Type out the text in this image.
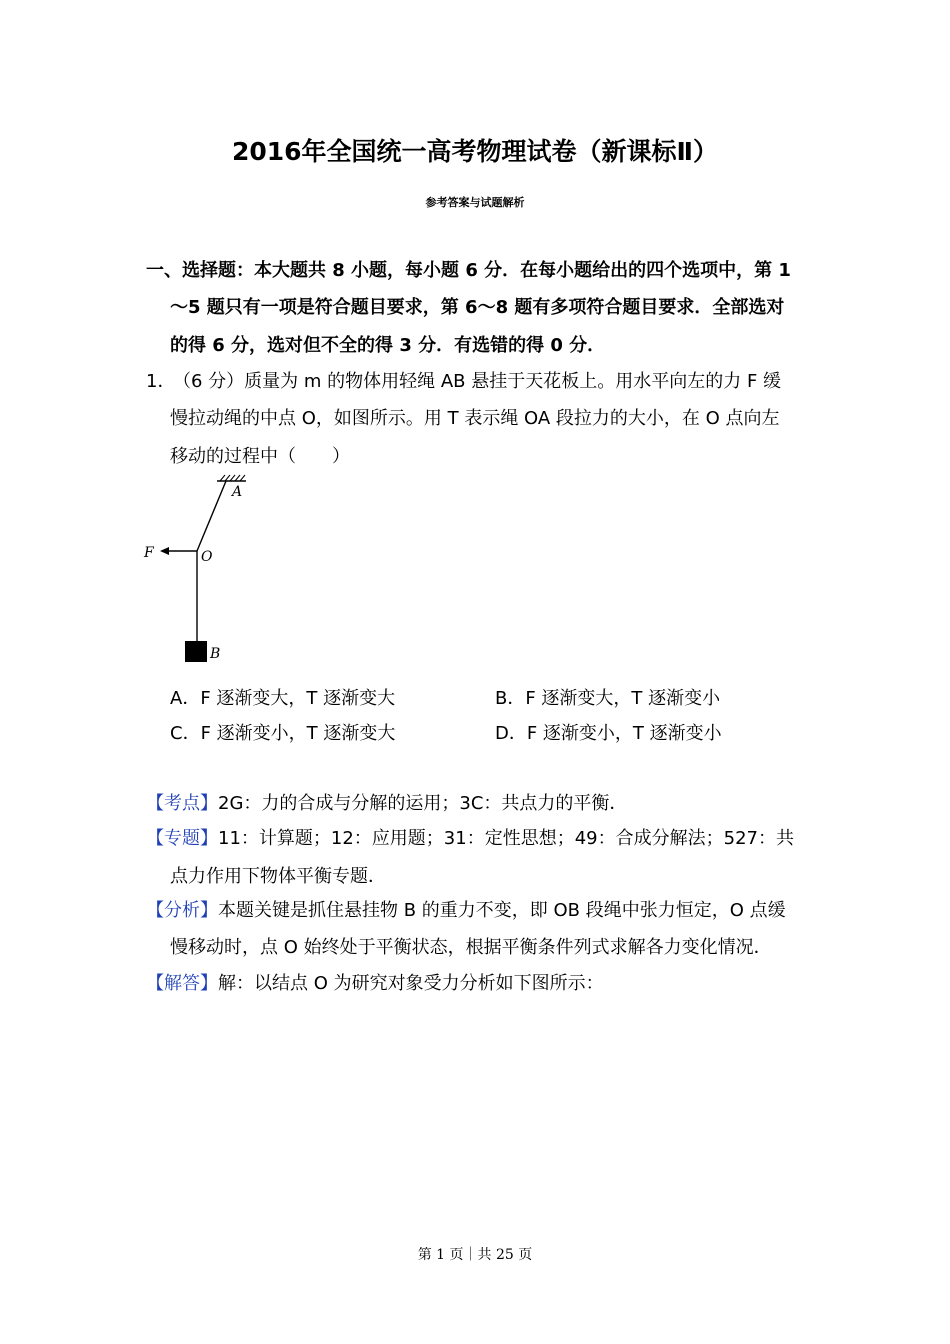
2016年全国统一高考物理试卷（新课标Ⅱ）
参考答案与试题解析
一、选择题：本大题共 8 小题，每小题 6 分．在每小题给出的四个选项中，第 1
～5 题只有一项是符合题目要求，第 6～8 题有多项符合题目要求．全部选对
的得 6 分，选对但不全的得 3 分．有选错的得 0 分．
1．
（6 分）质量为 m 的物体用轻绳 AB 悬挂于天花板上。用水平向左的力 F 缓
慢拉动绳的中点 O，如图所示。用 T 表示绳 OA 段拉力的大小，在 O 点向左
移动的过程中（　　）
A
O
F
B
A．F 逐渐变大，T 逐渐变大	B．F 逐渐变大，T 逐渐变小
C．F 逐渐变小，T 逐渐变大	D．F 逐渐变小，T 逐渐变小
【考点】2G：力的合成与分解的运用；3C：共点力的平衡．
【专题】11：计算题；12：应用题；31：定性思想；49：合成分解法；527：共
点力作用下物体平衡专题．
【分析】本题关键是抓住悬挂物 B 的重力不变，即 OB 段绳中张力恒定，O 点缓
慢移动时，点 O 始终处于平衡状态，根据平衡条件列式求解各力变化情况．
【解答】解：以结点 O 为研究对象受力分析如下图所示：
第 1 页｜共 25 页
